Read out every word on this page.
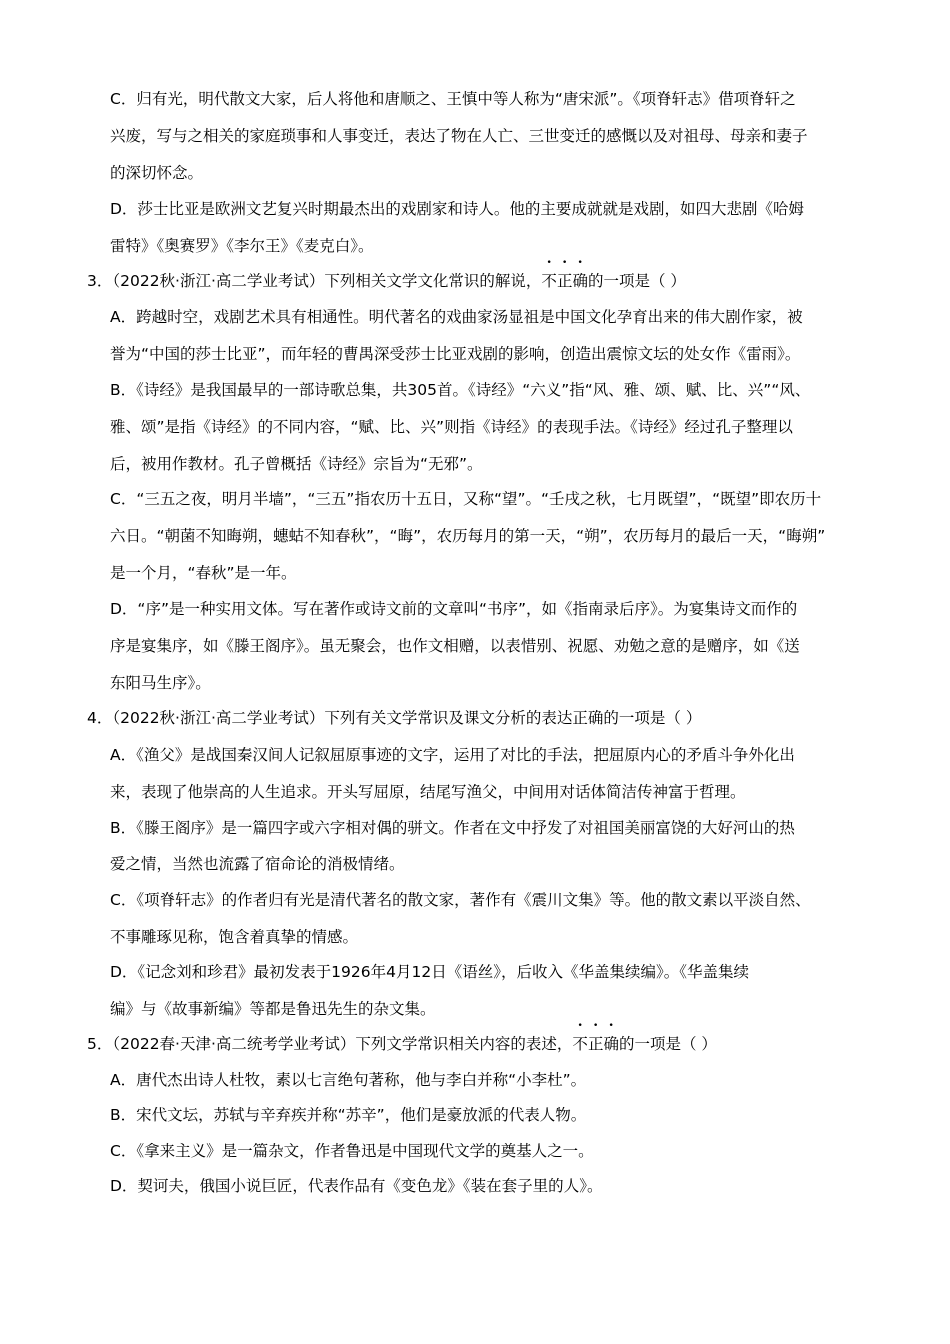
C．归有光，明代散文大家，后人将他和唐顺之、王慎中等人称为“唐宋派”。《项脊轩志》借项脊轩之
兴废，写与之相关的家庭琐事和人事变迁，表达了物在人亡、三世变迁的感慨以及对祖母、母亲和妻子
的深切怀念。
D．莎士比亚是欧洲文艺复兴时期最杰出的戏剧家和诗人。他的主要成就就是戏剧，如四大悲剧《哈姆
雷特》《奥赛罗》《李尔王》《麦克白》。
3．（2022秋·浙江·高二学业考试）下列相关文学文化常识的解说，不正确的一项是（ ）
A．跨越时空，戏剧艺术具有相通性。明代著名的戏曲家汤显祖是中国文化孕育出来的伟大剧作家，被
誉为“中国的莎士比亚”，而年轻的曹禺深受莎士比亚戏剧的影响，创造出震惊文坛的处女作《雷雨》。
B．《诗经》是我国最早的一部诗歌总集，共305首。《诗经》“六义”指“风、雅、颂、赋、比、兴”“风、
雅、颂”是指《诗经》的不同内容，“赋、比、兴”则指《诗经》的表现手法。《诗经》经过孔子整理以
后，被用作教材。孔子曾概括《诗经》宗旨为“无邪”。
C．“三五之夜，明月半墙”，“三五”指农历十五日，又称“望”。“壬戌之秋，七月既望”，“既望”即农历十
六日。“朝菌不知晦朔，蟪蛄不知春秋”，“晦”，农历每月的第一天，“朔”，农历每月的最后一天，“晦朔”
是一个月，“春秋”是一年。
D．“序”是一种实用文体。写在著作或诗文前的文章叫“书序”，如《指南录后序》。为宴集诗文而作的
序是宴集序，如《滕王阁序》。虽无聚会，也作文相赠，以表惜别、祝愿、劝勉之意的是赠序，如《送
东阳马生序》。
4．（2022秋·浙江·高二学业考试）下列有关文学常识及课文分析的表达正确的一项是（ ）
A．《渔父》是战国秦汉间人记叙屈原事迹的文字，运用了对比的手法，把屈原内心的矛盾斗争外化出
来，表现了他崇高的人生追求。开头写屈原，结尾写渔父，中间用对话体简洁传神富于哲理。
B．《滕王阁序》是一篇四字或六字相对偶的骈文。作者在文中抒发了对祖国美丽富饶的大好河山的热
爱之情，当然也流露了宿命论的消极情绪。
C．《项脊轩志》的作者归有光是清代著名的散文家，著作有《震川文集》等。他的散文素以平淡自然、
不事雕琢见称，饱含着真挚的情感。
D．《记念刘和珍君》最初发表于1926年4月12日《语丝》，后收入《华盖集续编》。《华盖集续
编》与《故事新编》等都是鲁迅先生的杂文集。
5．（2022春·天津·高二统考学业考试）下列文学常识相关内容的表述，不正确的一项是（ ）
A．唐代杰出诗人杜牧，素以七言绝句著称，他与李白并称“小李杜”。
B．宋代文坛，苏轼与辛弃疾并称“苏辛”，他们是豪放派的代表人物。
C．《拿来主义》是一篇杂文，作者鲁迅是中国现代文学的奠基人之一。
D．契诃夫，俄国小说巨匠，代表作品有《变色龙》《装在套子里的人》。
